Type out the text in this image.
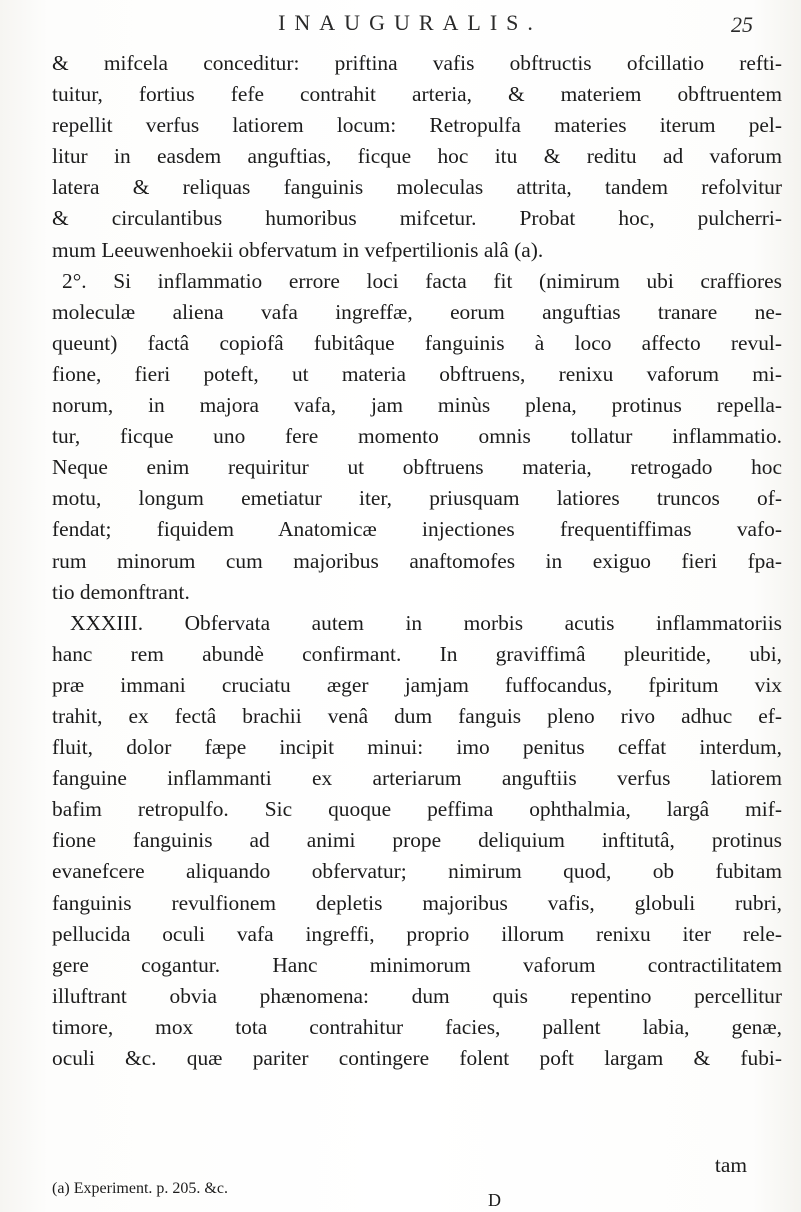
INAUGURALIS.	25
& mifcela conceditur: priftina vafis obftructis ofcillatio refti-
tuitur, fortius fefe contrahit arteria, & materiem obftruentem
repellit verfus latiorem locum: Retropulfa materies iterum pel-
litur in easdem anguftias, ficque hoc itu & reditu ad vaforum
latera & reliquas fanguinis moleculas attrita, tandem refolvitur
& circulantibus humoribus mifcetur. Probat hoc, pulcherri-
mum Leeuwenhoekii obfervatum in vefpertilionis alâ (a).
2°. Si inflammatio errore loci facta fit (nimirum ubi craffiores
moleculæ aliena vafa ingreffæ, eorum anguftias tranare ne-
queunt) factâ copiofâ fubitâque fanguinis à loco affecto revul-
fione, fieri poteft, ut materia obftruens, renixu vaforum mi-
norum, in majora vafa, jam minùs plena, protinus repella-
tur, ficque uno fere momento omnis tollatur inflammatio.
Neque enim requiritur ut obftruens materia, retrogado hoc
motu, longum emetiatur iter, priusquam latiores truncos of-
fendat; fiquidem Anatomicæ injectiones frequentiffimas vafo-
rum minorum cum majoribus anaftomofes in exiguo fieri fpa-
tio demonftrant.
XXXIII. Obfervata autem in morbis acutis inflammatoriis
hanc rem abundè confirmant. In graviffimâ pleuritide, ubi,
præ immani cruciatu æger jamjam fuffocandus, fpiritum vix
trahit, ex fectâ brachii venâ dum fanguis pleno rivo adhuc ef-
fluit, dolor fæpe incipit minui: imo penitus ceffat interdum,
fanguine inflammanti ex arteriarum anguftiis verfus latiorem
bafim retropulfo. Sic quoque peffima ophthalmia, largâ mif-
fione fanguinis ad animi prope deliquium inftitutâ, protinus
evanefcere aliquando obfervatur; nimirum quod, ob fubitam
fanguinis revulfionem depletis majoribus vafis, globuli rubri,
pellucida oculi vafa ingreffi, proprio illorum renixu iter rele-
gere cogantur. Hanc minimorum vaforum contractilitatem
illuftrant obvia phænomena: dum quis repentino percellitur
timore, mox tota contrahitur facies, pallent labia, genæ,
oculi &c. quæ pariter contingere folent poft largam & fubi-
tam
(a) Experiment. p. 205. &c.
D
